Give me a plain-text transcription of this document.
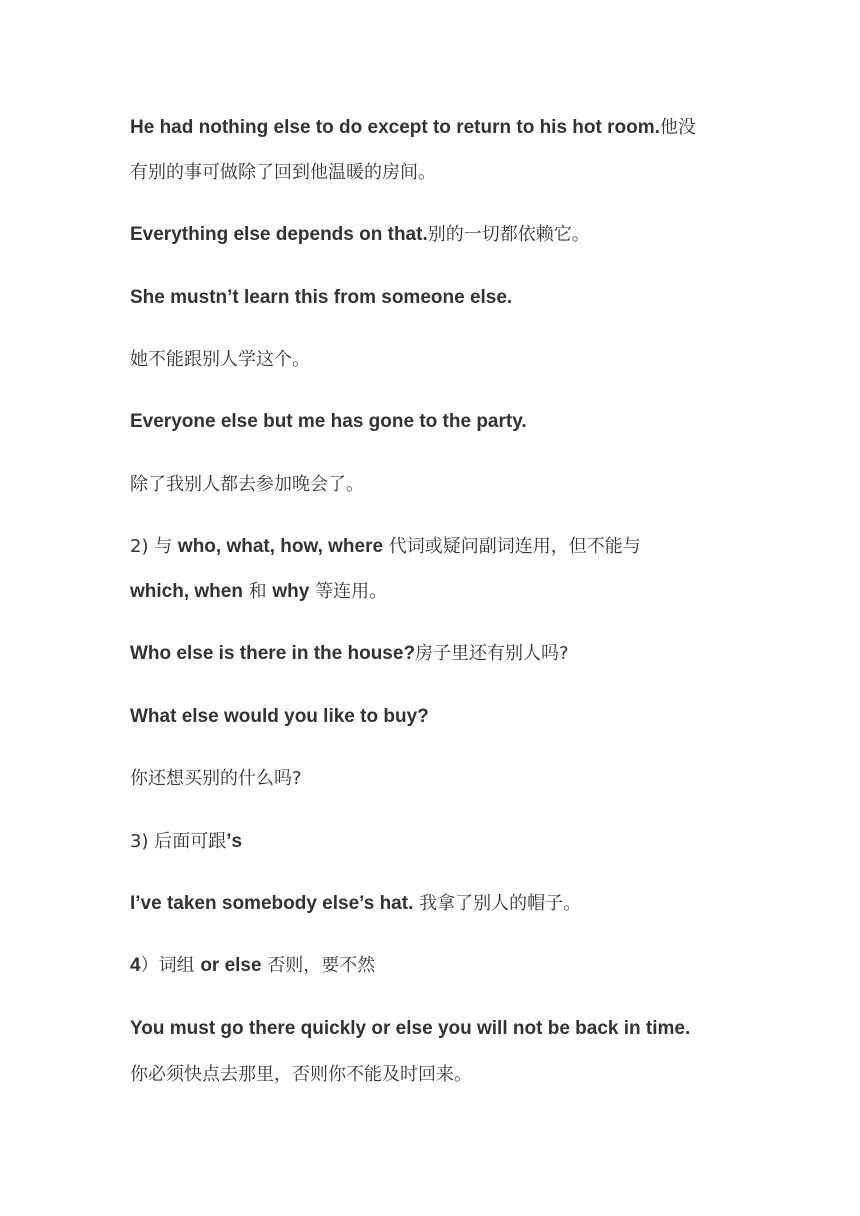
He had nothing else to do except to return to his hot room.他没
有别的事可做除了回到他温暖的房间。
Everything else depends on that.别的一切都依赖它。
She mustn’t learn this from someone else.
她不能跟别人学这个。
Everyone else but me has gone to the party.
除了我别人都去参加晚会了。
2) 与 who, what, how, where 代词或疑问副词连用，但不能与
which, when 和 why 等连用。
Who else is there in the house?房子里还有别人吗?
What else would you like to buy?
你还想买别的什么吗?
3) 后面可跟’s
I’ve taken somebody else’s hat. 我拿了别人的帽子。
4）词组 or else 否则，要不然
You must go there quickly or else you will not be back in time.
你必须快点去那里，否则你不能及时回来。
